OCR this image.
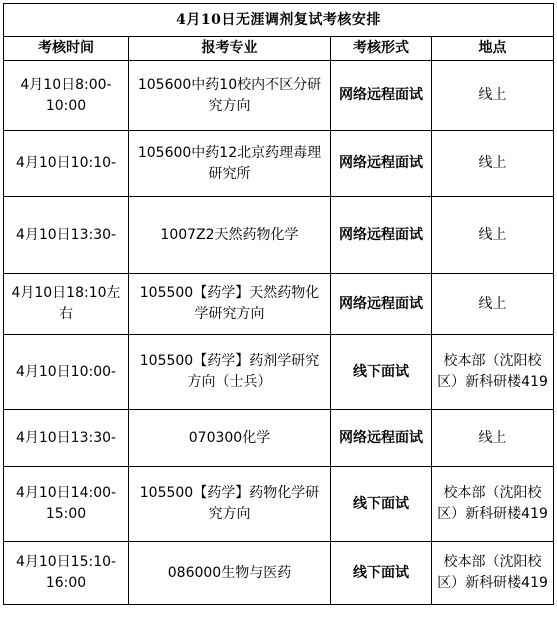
4月10日无涯调剂复试考核安排			
考核时间	报考专业	考核形式	地点
4月10日8:00-10:00	105600中药10校内不区分研究方向	网络远程面试	线上
4月10日10:10-	105600中药12北京药理毒理研究所	网络远程面试	线上
4月10日13:30-	1007Z2天然药物化学	网络远程面试	线上
4月10日18:10左右	105500【药学】天然药物化学研究方向	网络远程面试	线上
4月10日10:00-	105500【药学】药剂学研究方向（士兵）	线下面试	校本部（沈阳校区）新科研楼419
4月10日13:30-	070300化学	网络远程面试	线上
4月10日14:00-15:00	105500【药学】药物化学研究方向	线下面试	校本部（沈阳校区）新科研楼419
4月10日15:10-16:00	086000生物与医药	线下面试	校本部（沈阳校区）新科研楼419
